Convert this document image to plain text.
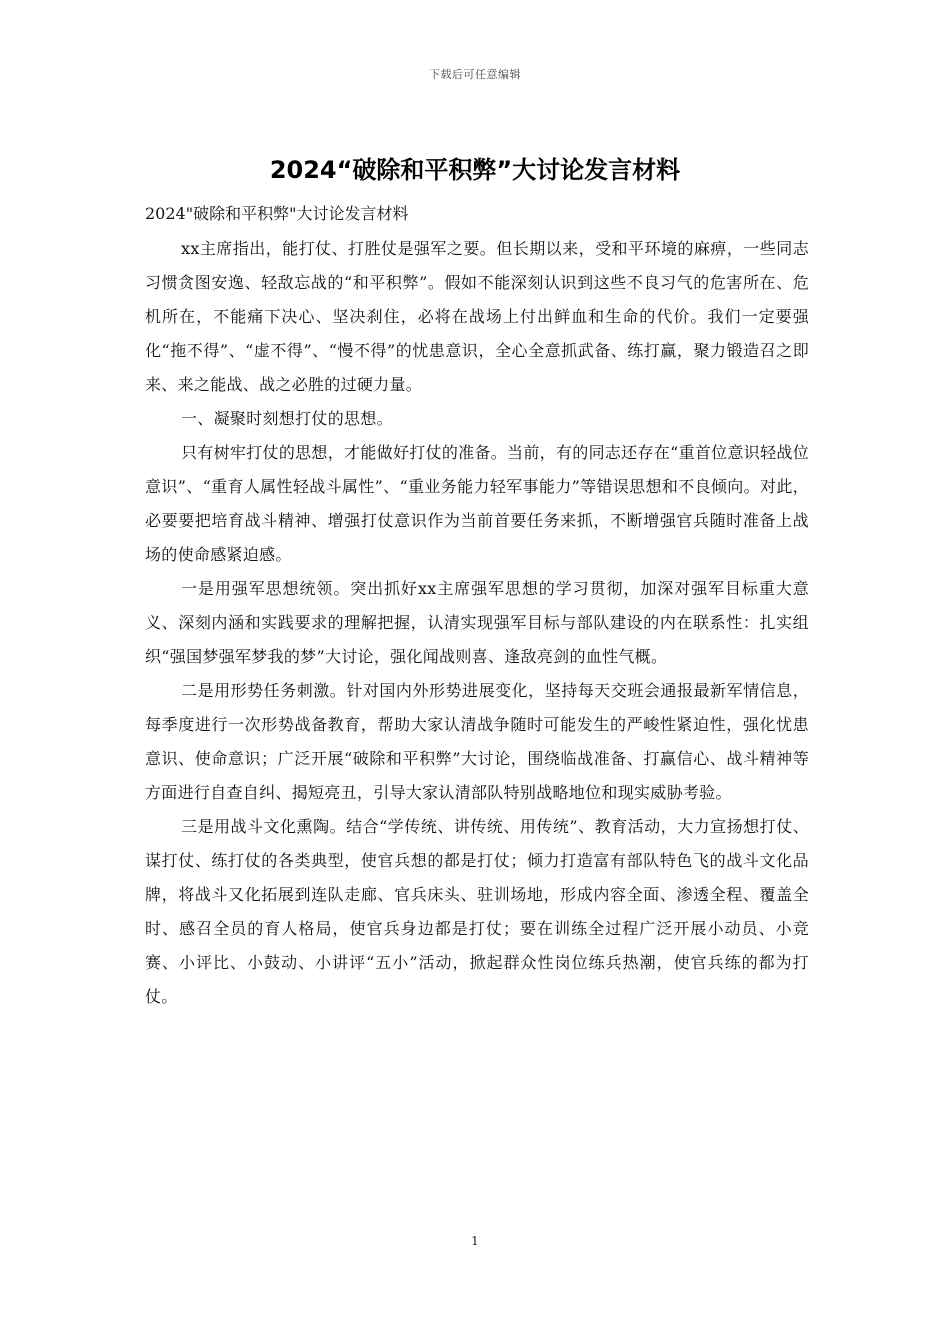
下载后可任意编辑
2024“破除和平积弊”大讨论发言材料
2024"破除和平积弊"大讨论发言材料

xx主席指出，能打仗、打胜仗是强军之要。但长期以来，受和平环境的麻痹，一些同志习惯贪图安逸、轻敌忘战的“和平积弊”。假如不能深刻认识到这些不良习气的危害所在、危机所在，不能痛下决心、坚决刹住，必将在战场上付出鲜血和生命的代价。我们一定要强化“拖不得”、“虚不得”、“慢不得”的忧患意识，全心全意抓武备、练打赢，聚力锻造召之即来、来之能战、战之必胜的过硬力量。

一、凝聚时刻想打仗的思想。

只有树牢打仗的思想，才能做好打仗的准备。当前，有的同志还存在“重首位意识轻战位意识”、“重育人属性轻战斗属性”、“重业务能力轻军事能力”等错误思想和不良倾向。对此，必要要把培育战斗精神、增强打仗意识作为当前首要任务来抓，不断增强官兵随时准备上战场的使命感紧迫感。

一是用强军思想统领。突出抓好xx主席强军思想的学习贯彻，加深对强军目标重大意义、深刻内涵和实践要求的理解把握，认清实现强军目标与部队建设的内在联系性：扎实组织“强国梦强军梦我的梦”大讨论，强化闻战则喜、逢敌亮剑的血性气概。

二是用形势任务刺激。针对国内外形势进展变化，坚持每天交班会通报最新军情信息，每季度进行一次形势战备教育，帮助大家认清战争随时可能发生的严峻性紧迫性，强化忧患意识、使命意识；广泛开展“破除和平积弊”大讨论，围绕临战准备、打赢信心、战斗精神等方面进行自查自纠、揭短亮丑，引导大家认清部队特别战略地位和现实威胁考验。

三是用战斗文化熏陶。结合“学传统、讲传统、用传统”、教育活动，大力宣扬想打仗、谋打仗、练打仗的各类典型，使官兵想的都是打仗；倾力打造富有部队特色飞的战斗文化品牌，将战斗又化拓展到连队走廊、官兵床头、驻训场地，形成内容全面、渗透全程、覆盖全时、感召全员的育人格局，使官兵身边都是打仗；要在训练全过程广泛开展小动员、小竞赛、小评比、小鼓动、小讲评“五小”活动，掀起群众性岗位练兵热潮，使官兵练的都为打仗。

1
